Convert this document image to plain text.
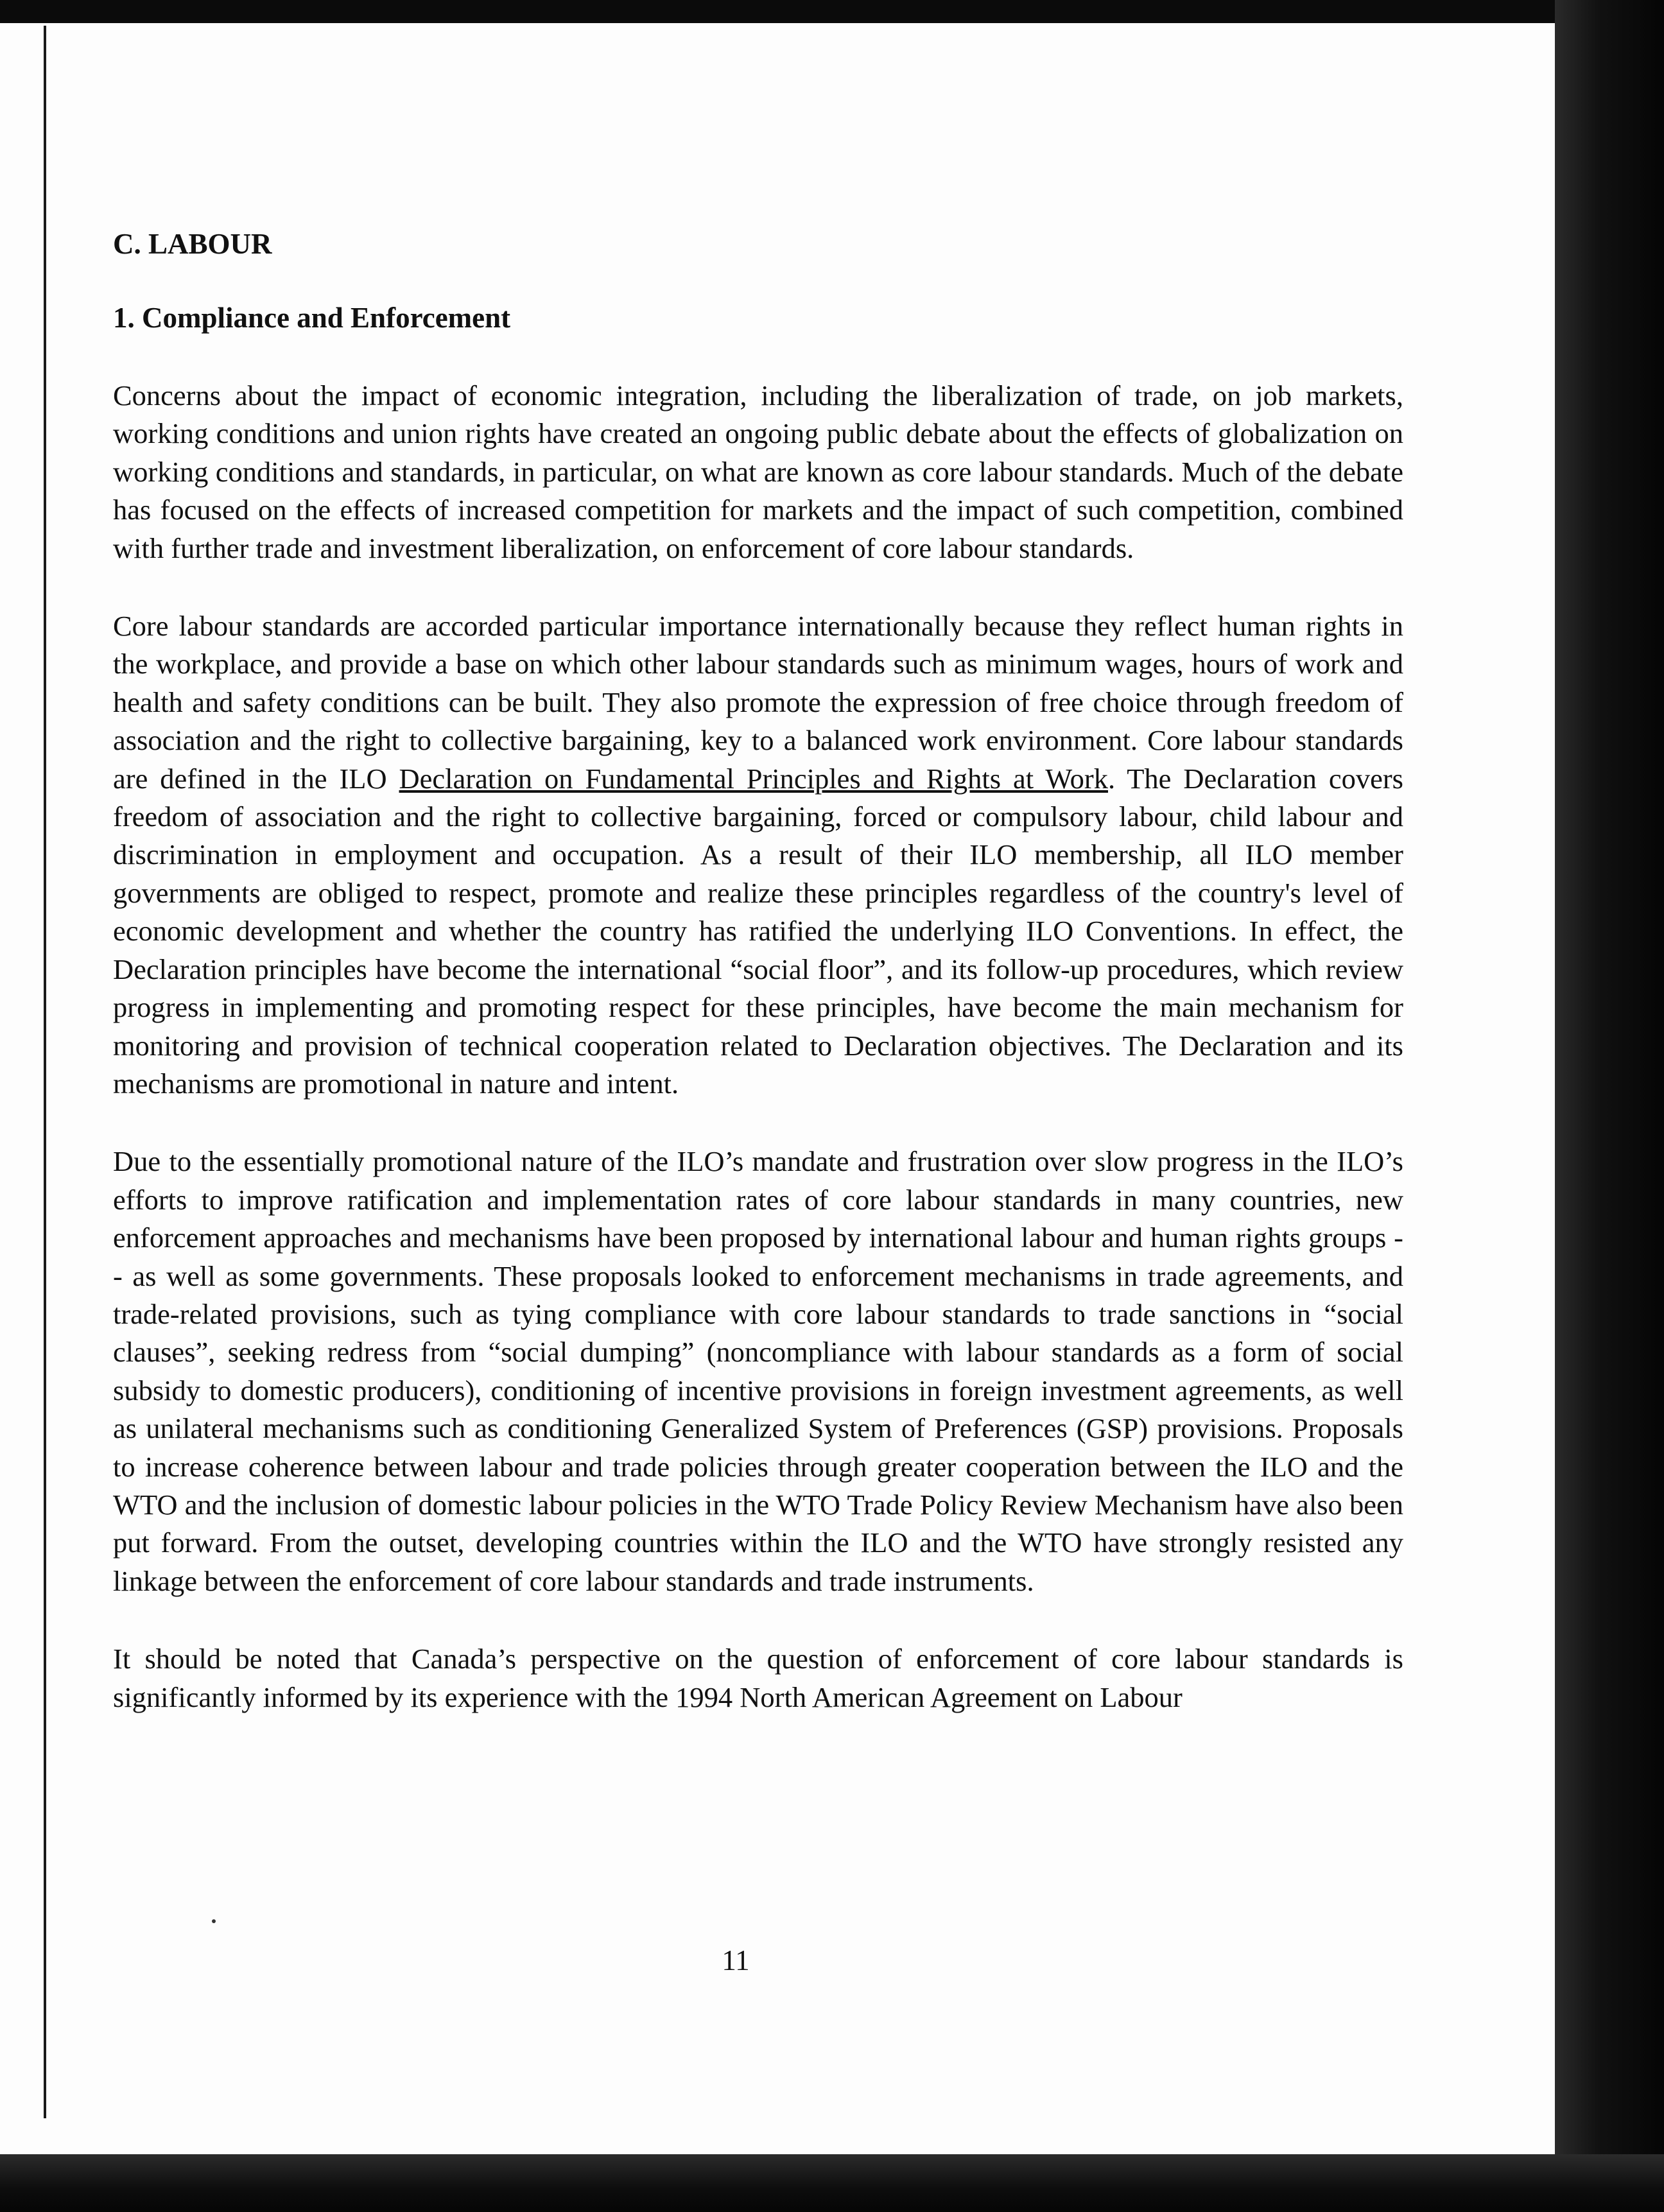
C. LABOUR

1. Compliance and Enforcement

Concerns about the impact of economic integration, including the liberalization of trade, on job markets, working conditions and union rights have created an ongoing public debate about the effects of globalization on working conditions and standards, in particular, on what are known as core labour standards. Much of the debate has focused on the effects of increased competition for markets and the impact of such competition, combined with further trade and investment liberalization, on enforcement of core labour standards.

Core labour standards are accorded particular importance internationally because they reflect human rights in the workplace, and provide a base on which other labour standards such as minimum wages, hours of work and health and safety conditions can be built. They also promote the expression of free choice through freedom of association and the right to collective bargaining, key to a balanced work environment. Core labour standards are defined in the ILO Declaration on Fundamental Principles and Rights at Work. The Declaration covers freedom of association and the right to collective bargaining, forced or compulsory labour, child labour and discrimination in employment and occupation. As a result of their ILO membership, all ILO member governments are obliged to respect, promote and realize these principles regardless of the country's level of economic development and whether the country has ratified the underlying ILO Conventions. In effect, the Declaration principles have become the international “social floor”, and its follow-up procedures, which review progress in implementing and promoting respect for these principles, have become the main mechanism for monitoring and provision of technical cooperation related to Declaration objectives. The Declaration and its mechanisms are promotional in nature and intent.

Due to the essentially promotional nature of the ILO’s mandate and frustration over slow progress in the ILO’s efforts to improve ratification and implementation rates of core labour standards in many countries, new enforcement approaches and mechanisms have been proposed by international labour and human rights groups -- as well as some governments. These proposals looked to enforcement mechanisms in trade agreements, and trade-related provisions, such as tying compliance with core labour standards to trade sanctions in “social clauses”, seeking redress from “social dumping” (noncompliance with labour standards as a form of social subsidy to domestic producers), conditioning of incentive provisions in foreign investment agreements, as well as unilateral mechanisms such as conditioning Generalized System of Preferences (GSP) provisions. Proposals to increase coherence between labour and trade policies through greater cooperation between the ILO and the WTO and the inclusion of domestic labour policies in the WTO Trade Policy Review Mechanism have also been put forward. From the outset, developing countries within the ILO and the WTO have strongly resisted any linkage between the enforcement of core labour standards and trade instruments.

It should be noted that Canada’s perspective on the question of enforcement of core labour standards is significantly informed by its experience with the 1994 North American Agreement on Labour

11
